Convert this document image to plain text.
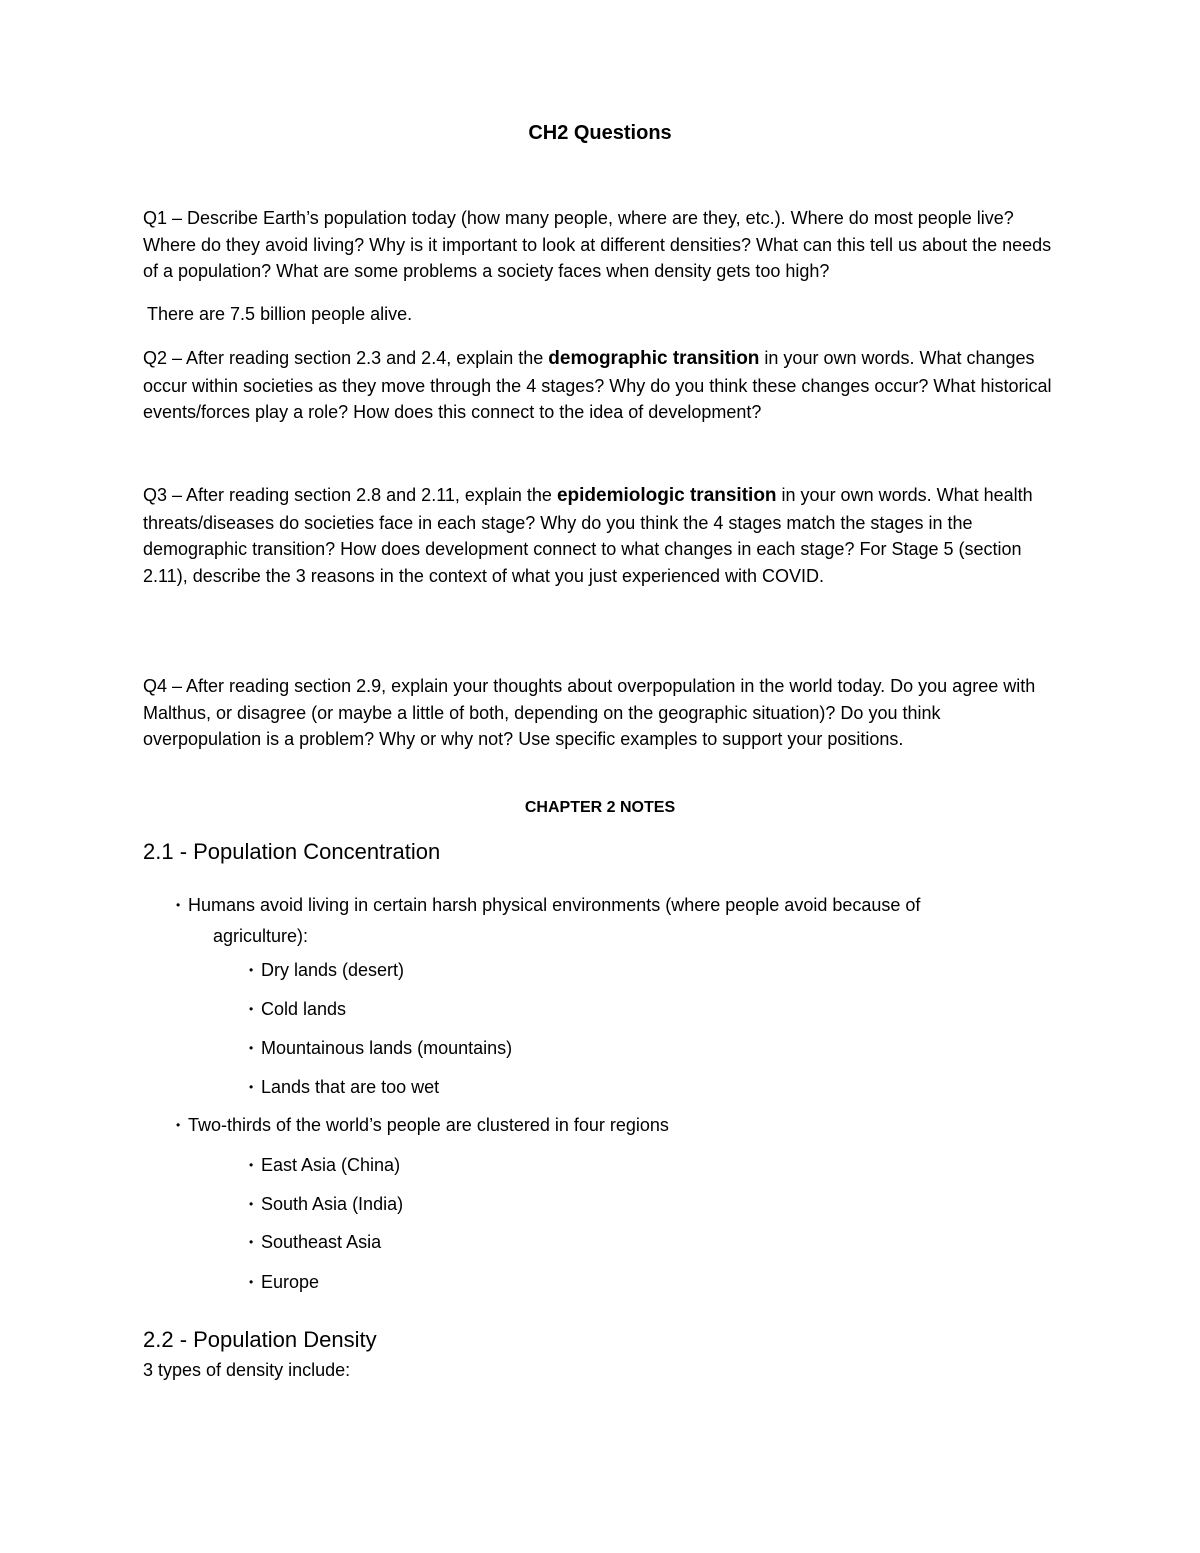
CH2 Questions

Q1 – Describe Earth’s population today (how many people, where are they, etc.). Where do most people live? Where do they avoid living? Why is it important to look at different densities? What can this tell us about the needs of a population? What are some problems a society faces when density gets too high?

There are 7.5 billion people alive.

Q2 – After reading section 2.3 and 2.4, explain the demographic transition in your own words. What changes occur within societies as they move through the 4 stages? Why do you think these changes occur? What historical events/forces play a role? How does this connect to the idea of development?

Q3 – After reading section 2.8 and 2.11, explain the epidemiologic transition in your own words. What health threats/diseases do societies face in each stage? Why do you think the 4 stages match the stages in the demographic transition? How does development connect to what changes in each stage? For Stage 5 (section 2.11), describe the 3 reasons in the context of what you just experienced with COVID.

Q4 – After reading section 2.9, explain your thoughts about overpopulation in the world today. Do you agree with Malthus, or disagree (or maybe a little of both, depending on the geographic situation)? Do you think overpopulation is a problem? Why or why not? Use specific examples to support your positions.

CHAPTER 2 NOTES
2.1 - Population Concentration

• Humans avoid living in certain harsh physical environments (where people avoid because of

agriculture):

• Dry lands (desert)

• Cold lands

• Mountainous lands (mountains)

• Lands that are too wet

• Two-thirds of the world’s people are clustered in four regions

• East Asia (China)

• South Asia (India)

• Southeast Asia

• Europe

2.2 - Population Density

3 types of density include:
